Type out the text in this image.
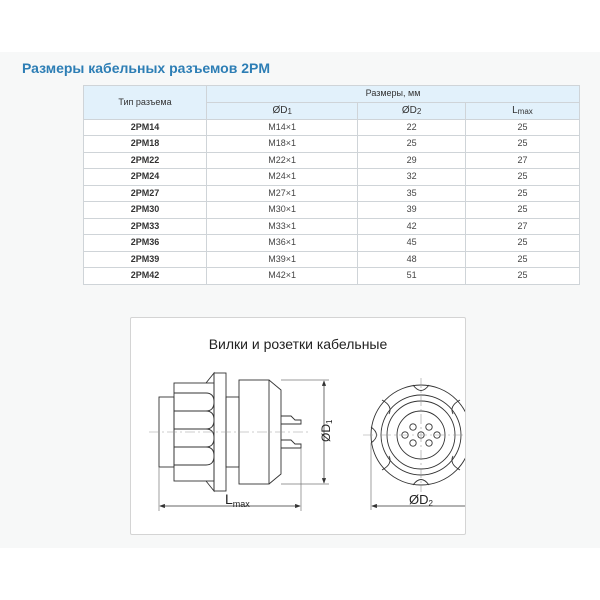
Размеры кабельных разъемов 2PM
Тип разъема	Размеры, мм		
	$ØD_1$	$ØD_2$	$L_{max}$
2PM14	M14×1	22	25
2PM18	M18×1	25	25
2PM22	M22×1	29	27
2PM24	M24×1	32	25
2PM27	M27×1	35	25
2PM30	M30×1	39	25
2PM33	M33×1	42	27
2PM36	M36×1	45	25
2PM39	M39×1	48	25
2PM42	M42×1	51	25
Вилки и розетки кабельные
ØD1
$L_{max}$	ØD2
